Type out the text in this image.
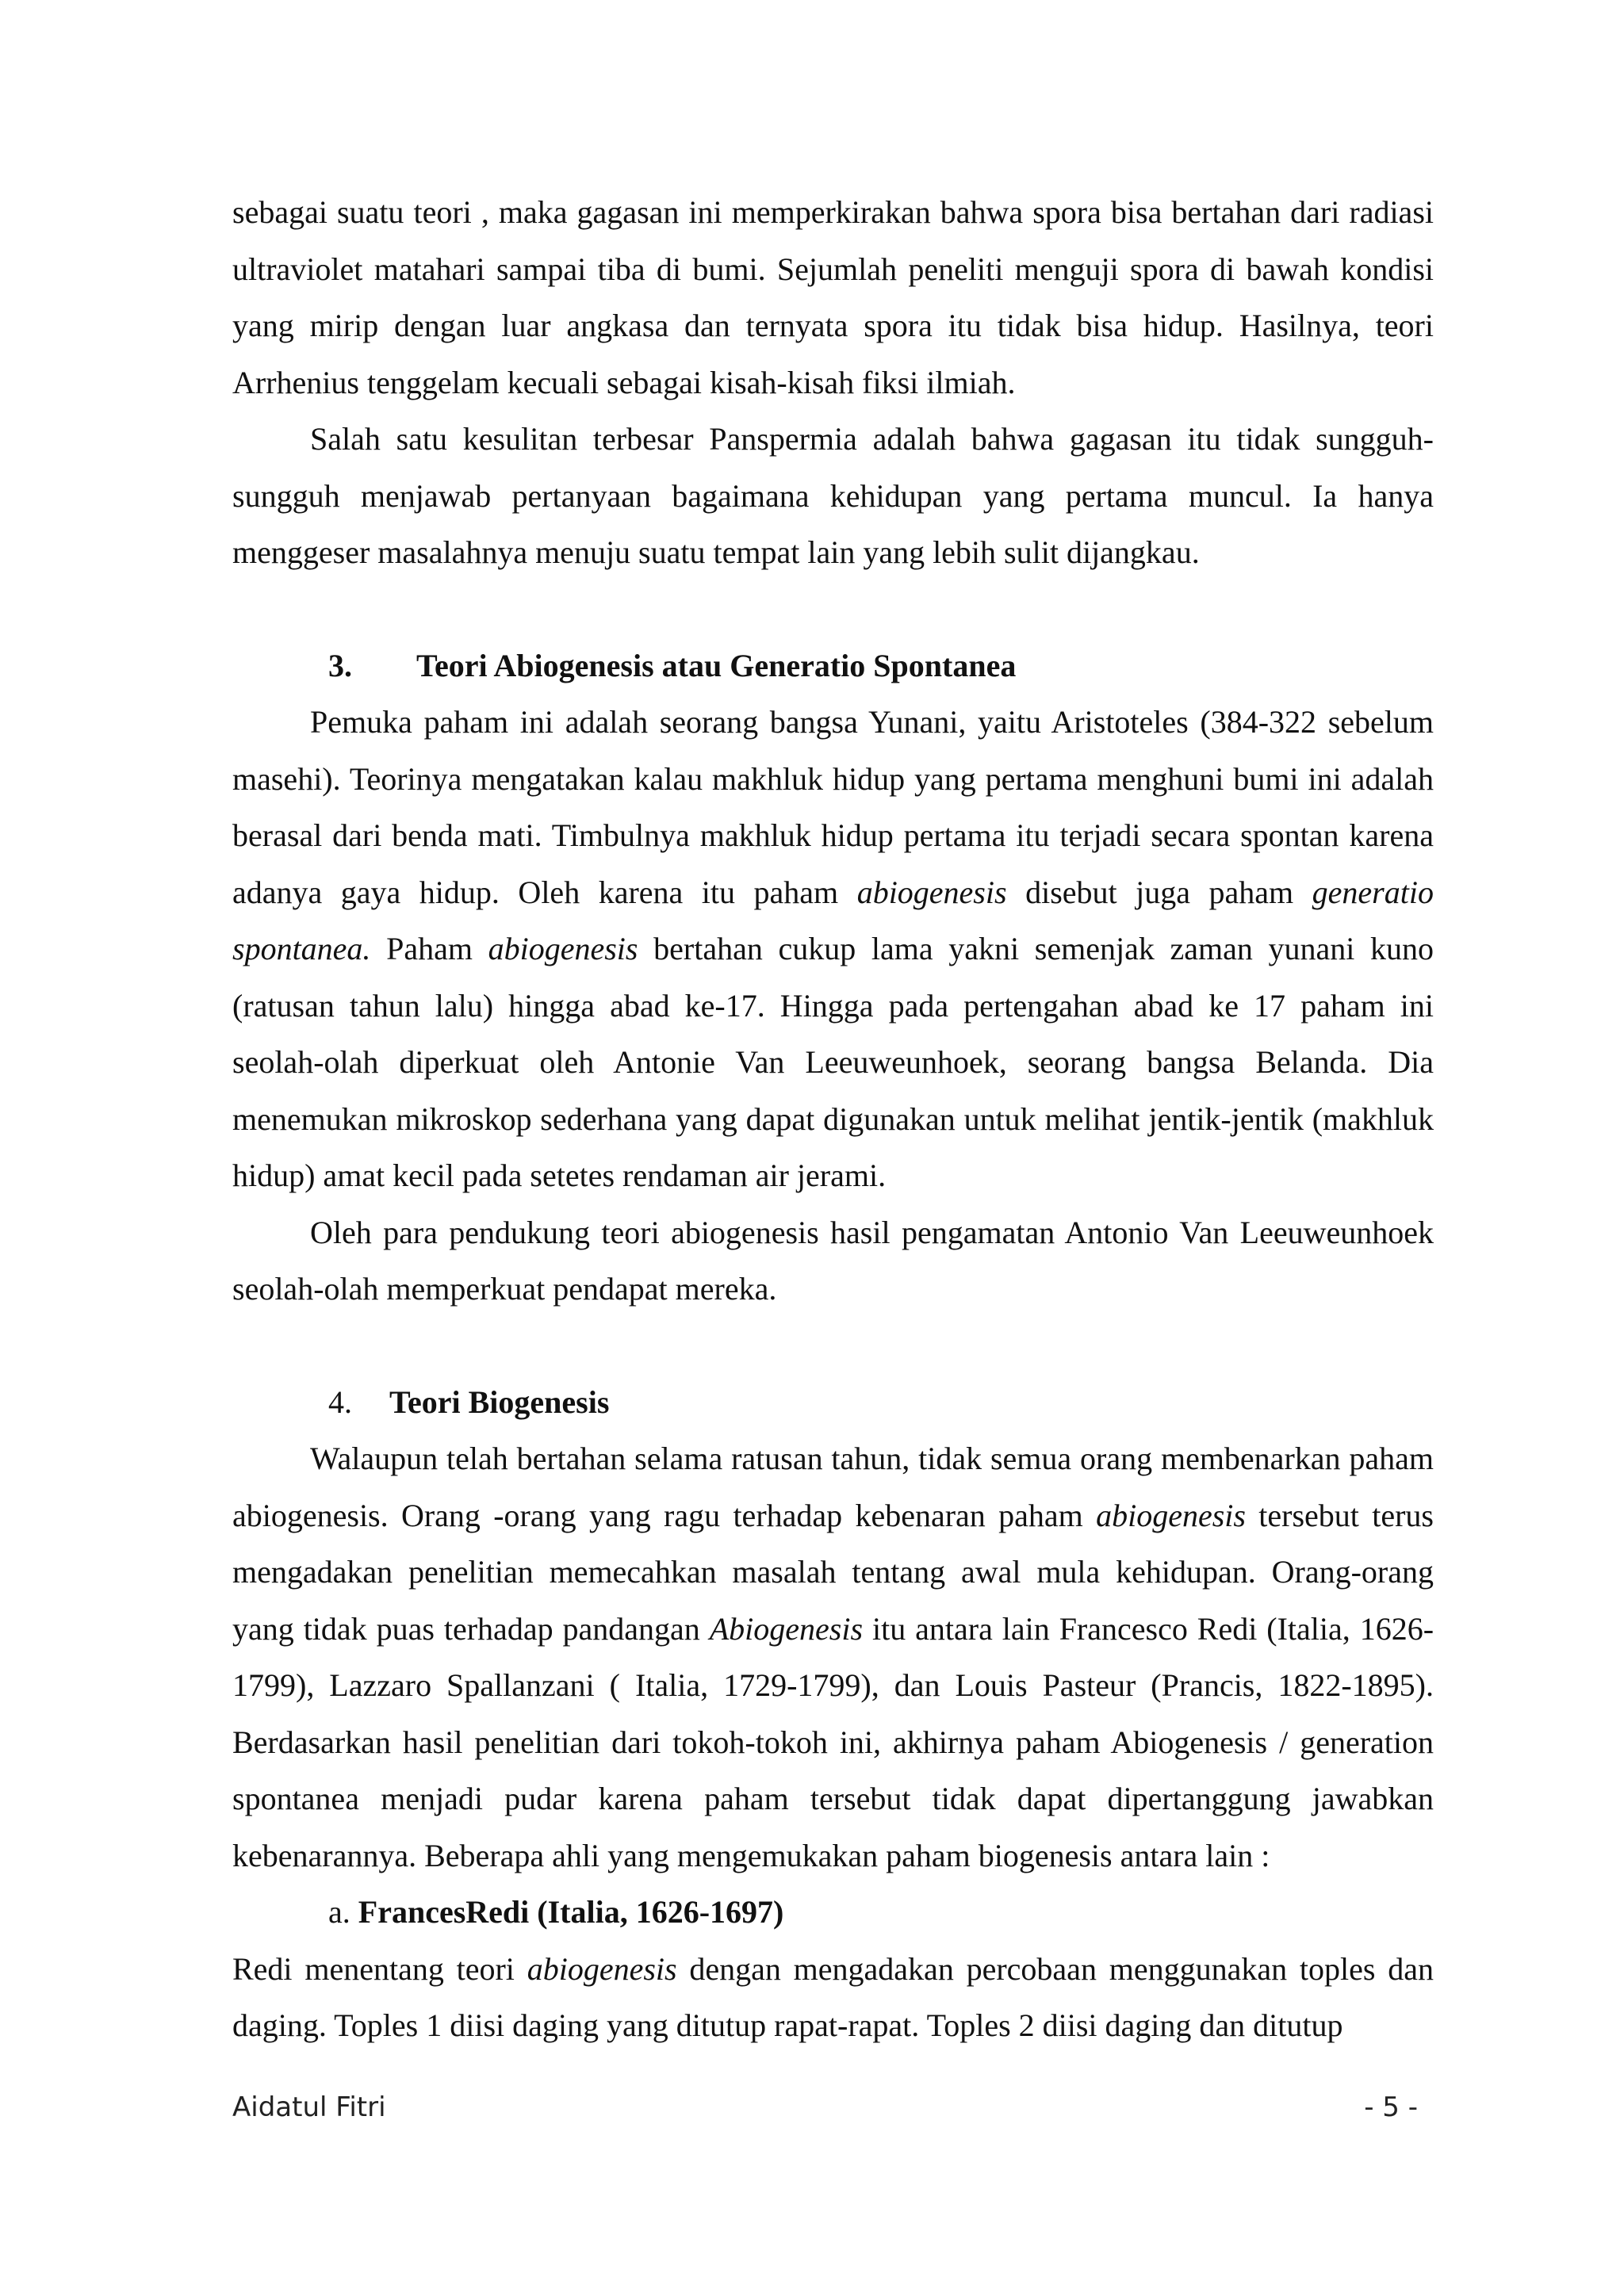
sebagai suatu teori , maka gagasan ini memperkirakan bahwa spora bisa bertahan dari radiasi ultraviolet matahari sampai tiba di bumi. Sejumlah peneliti menguji spora di bawah kondisi yang mirip dengan luar angkasa dan ternyata spora itu tidak bisa hidup. Hasilnya, teori Arrhenius tenggelam kecuali sebagai kisah-kisah fiksi ilmiah.

Salah satu kesulitan terbesar Panspermia adalah bahwa gagasan itu tidak sungguh-sungguh menjawab pertanyaan bagaimana kehidupan yang pertama muncul. Ia hanya menggeser masalahnya menuju suatu tempat lain yang lebih sulit dijangkau.

3. Teori Abiogenesis atau Generatio Spontanea

Pemuka paham ini adalah seorang bangsa Yunani, yaitu Aristoteles (384-322 sebelum masehi). Teorinya mengatakan kalau makhluk hidup yang pertama menghuni bumi ini adalah berasal dari benda mati. Timbulnya makhluk hidup pertama itu terjadi secara spontan karena adanya gaya hidup. Oleh karena itu paham abiogenesis disebut juga paham generatio spontanea. Paham abiogenesis bertahan cukup lama yakni semenjak zaman yunani kuno (ratusan tahun lalu) hingga abad ke-17. Hingga pada pertengahan abad ke 17 paham ini seolah-olah diperkuat oleh Antonie Van Leeuweunhoek, seorang bangsa Belanda. Dia menemukan mikroskop sederhana yang dapat digunakan untuk melihat jentik-jentik (makhluk hidup) amat kecil pada setetes rendaman air jerami.

Oleh para pendukung teori abiogenesis hasil pengamatan Antonio Van Leeuweunhoek seolah-olah memperkuat pendapat mereka.

4. Teori Biogenesis

Walaupun telah bertahan selama ratusan tahun, tidak semua orang membenarkan paham abiogenesis. Orang -orang yang ragu terhadap kebenaran paham abiogenesis tersebut terus mengadakan penelitian memecahkan masalah tentang awal mula kehidupan. Orang-orang yang tidak puas terhadap pandangan Abiogenesis itu antara lain Francesco Redi (Italia, 1626-1799), Lazzaro Spallanzani ( Italia, 1729-1799), dan Louis Pasteur (Prancis, 1822-1895). Berdasarkan hasil penelitian dari tokoh-tokoh ini, akhirnya paham Abiogenesis / generation spontanea menjadi pudar karena paham tersebut tidak dapat dipertanggung jawabkan kebenarannya. Beberapa ahli yang mengemukakan paham biogenesis antara lain :

a. FrancesRedi (Italia, 1626-1697)

Redi menentang teori abiogenesis dengan mengadakan percobaan menggunakan toples dan daging. Toples 1 diisi daging yang ditutup rapat-rapat. Toples 2 diisi daging dan ditutup

Aidatul Fitri	- 5 -
